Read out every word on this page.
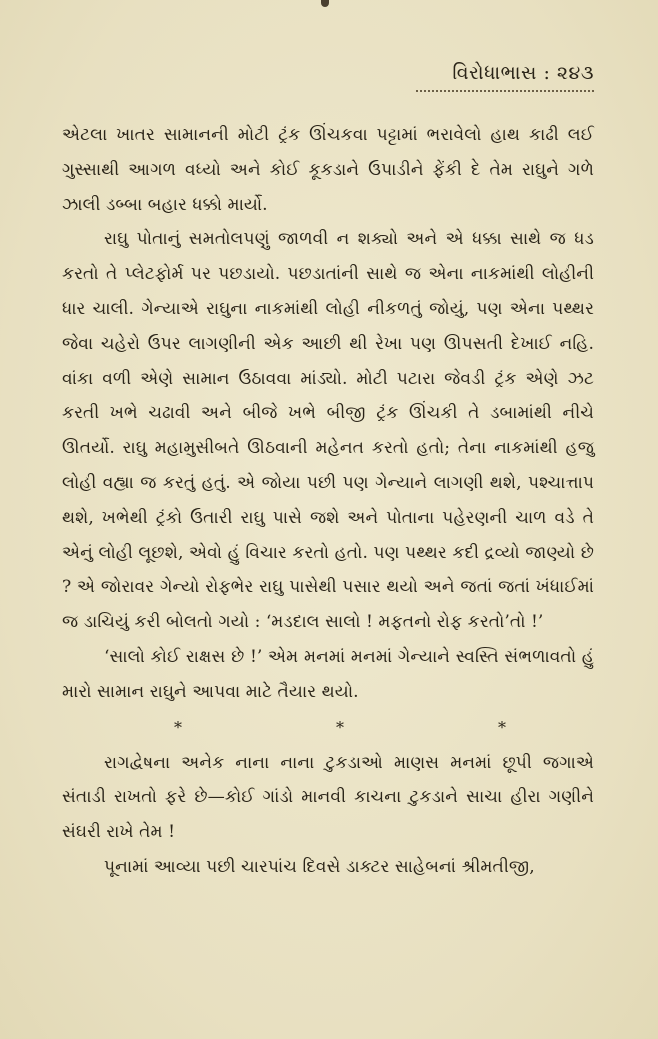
વિરોધાભાસ : ૨૪૩

એટલા ખાતર સામાનની મોટી ટ્રંક ઊંચકવા પટ્ટામાં ભરાવેલો હાથ કાઢી લઈ ગુસ્સાથી આગળ વધ્યો અને કોઈ કૂકડાને ઉપાડીને ફેંકી દે તેમ રાઘુને ગળે ઝાલી ડબ્બા બહાર ધક્કો માર્યો.

રાઘુ પોતાનું સમતોલપણું જાળવી ન શક્યો અને એ ધક્કા સાથે જ ધડ કરતો તે પ્લેટફોર્મ પર પછડાયો. પછડાતાંની સાથે જ એના નાકમાંથી લોહીની ધાર ચાલી. ગેન્યાએ રાઘુના નાકમાંથી લોહી નીકળતું જોયું, પણ એના પથ્થર જેવા ચહેરો ઉપર લાગણીની એક આછી થી રેખા પણ ઊપસતી દેખાઈ નહિ. વાંકા વળી એણે સામાન ઉઠાવવા માંડ્યો. મોટી પટારા જેવડી ટ્રંક એણે ઝટ કરતી ખભે ચઢાવી અને બીજે ખભે બીજી ટ્રંક ઊંચકી તે ડબામાંથી નીચે ઊતર્યો. રાઘુ મહામુસીબતે ઊઠવાની મહેનત કરતો હતો; તેના નાકમાંથી હજુ લોહી વહ્યા જ કરતું હતું. એ જોયા પછી પણ ગેન્યાને લાગણી થશે, પશ્ચાત્તાપ થશે, ખભેથી ટ્રંકો ઉતારી રાઘુ પાસે જશે અને પોતાના પહેરણની ચાળ વડે તે એનું લોહી લૂછશે, એવો હું વિચાર કરતો હતો. પણ પથ્થર કદી દ્રવ્યો જાણ્યો છે ? એ જોરાવર ગેન્યો રોફભેર રાઘુ પાસેથી પસાર થયો અને જતાં જતાં ખંધાઈમાં જ ડાચિયું કરી બોલતો ગયો : ‘મડદાલ સાલો ! મફતનો રોફ કરતો’તો !’

‘સાલો કોઈ રાક્ષસ છે !’ એમ મનમાં મનમાં ગેન્યાને સ્વસ્તિ સંભળાવતો હું મારો સામાન રાઘુને આપવા માટે તૈયાર થયો.

*	*	*

રાગદ્વેષના અનેક નાના નાના ટુકડાઓ માણસ મનમાં છૂપી જગાએ સંતાડી રાખતો ફરે છે—કોઈ ગાંડો માનવી કાચના ટુકડાને સાચા હીરા ગણીને સંઘરી રાખે તેમ !

પૂનામાં આવ્યા પછી ચારપાંચ દિવસે ડાક્ટર સાહેબનાં શ્રીમતીજી,
